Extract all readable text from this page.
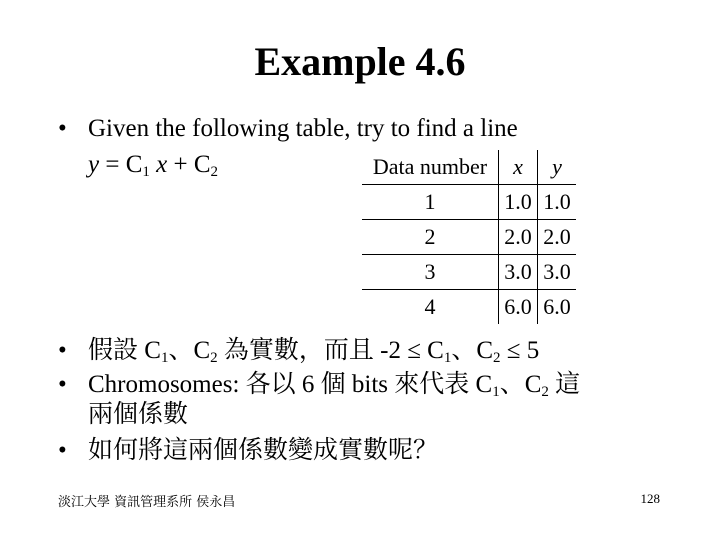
Example 4.6
• Given the following table, try to find a line
$y = C_1$ $x + C_2$	Data number	x	y
1	1.0	1.0
2	2.0	2.0
3	3.0	3.0
4	6.0	6.0
• 假設 $C_1$、$C_2$ 為實數，而且 $-2 \le C_1$、$C_2 \le 5$
• Chromosomes: 各以 6 個 bits 來代表 $C_1$、$C_2$ 這
兩個係數
• 如何將這兩個係數變成實數呢？
淡江大學 資訊管理系所 侯永昌	128
